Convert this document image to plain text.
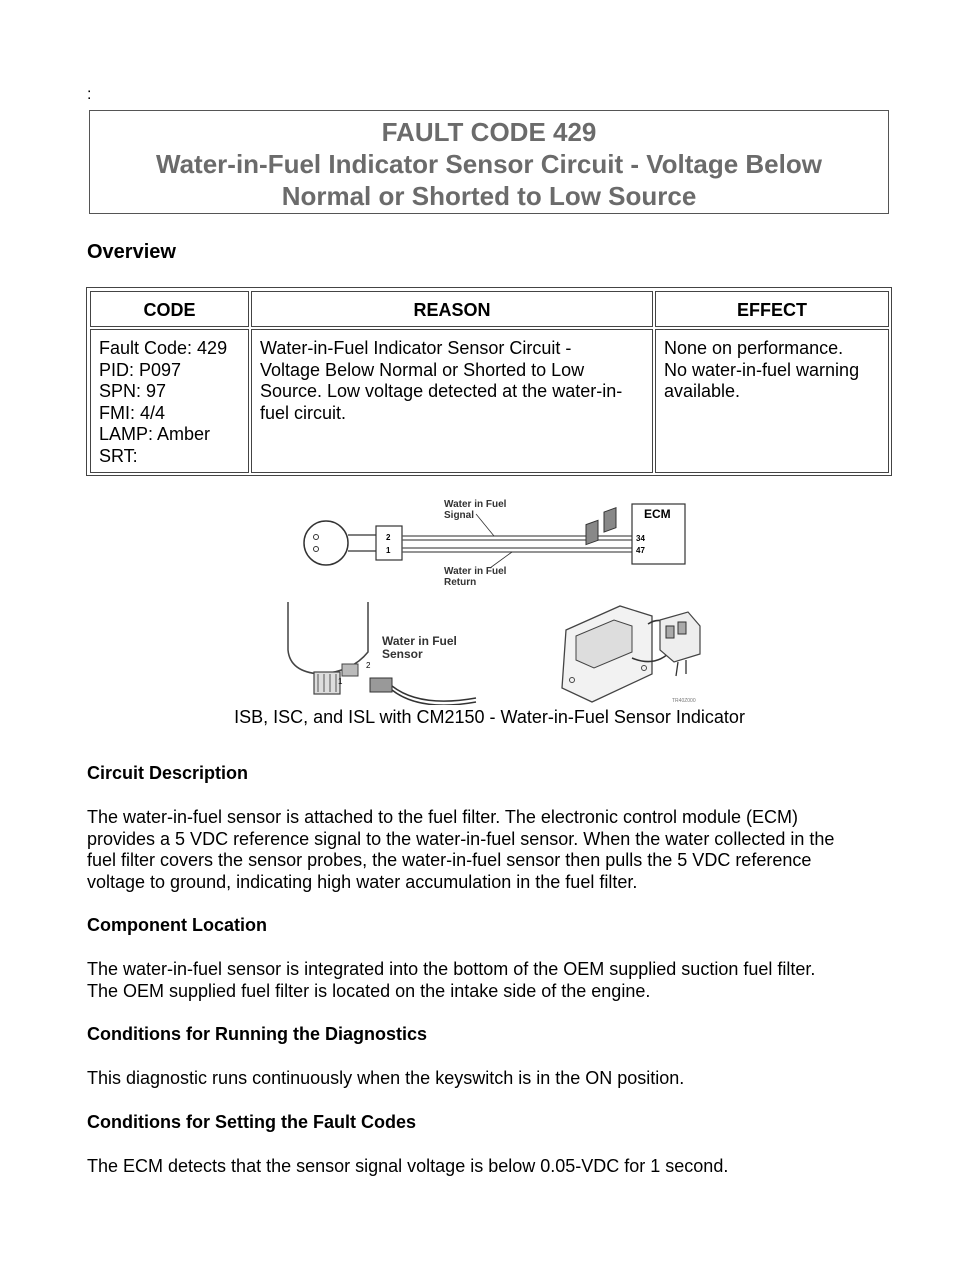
:
FAULT CODE 429
Water-in-Fuel Indicator Sensor Circuit - Voltage Below
Normal or Shorted to Low Source
Overview
CODE	REASON	EFFECT
Fault Code: 429
PID: P097
SPN: 97
FMI: 4/4
LAMP: Amber
SRT:
Water-in-Fuel Indicator Sensor Circuit -
Voltage Below Normal or Shorted to Low
Source. Low voltage detected at the water-in-
fuel circuit.
None on performance.
No water-in-fuel warning
available.
2
1
Water in Fuel
Signal
Water in Fuel
Return
ECM
34
47
2
1
Water in Fuel
Sensor
TR40Z000
ISB, ISC, and ISL with CM2150 - Water-in-Fuel Sensor Indicator
Circuit Description

The water-in-fuel sensor is attached to the fuel filter. The electronic control module (ECM)
provides a 5 VDC reference signal to the water-in-fuel sensor. When the water collected in the
fuel filter covers the sensor probes, the water-in-fuel sensor then pulls the 5 VDC reference
voltage to ground, indicating high water accumulation in the fuel filter.

Component Location

The water-in-fuel sensor is integrated into the bottom of the OEM supplied suction fuel filter.
The OEM supplied fuel filter is located on the intake side of the engine.

Conditions for Running the Diagnostics

This diagnostic runs continuously when the keyswitch is in the ON position.

Conditions for Setting the Fault Codes

The ECM detects that the sensor signal voltage is below 0.05-VDC for 1 second.
